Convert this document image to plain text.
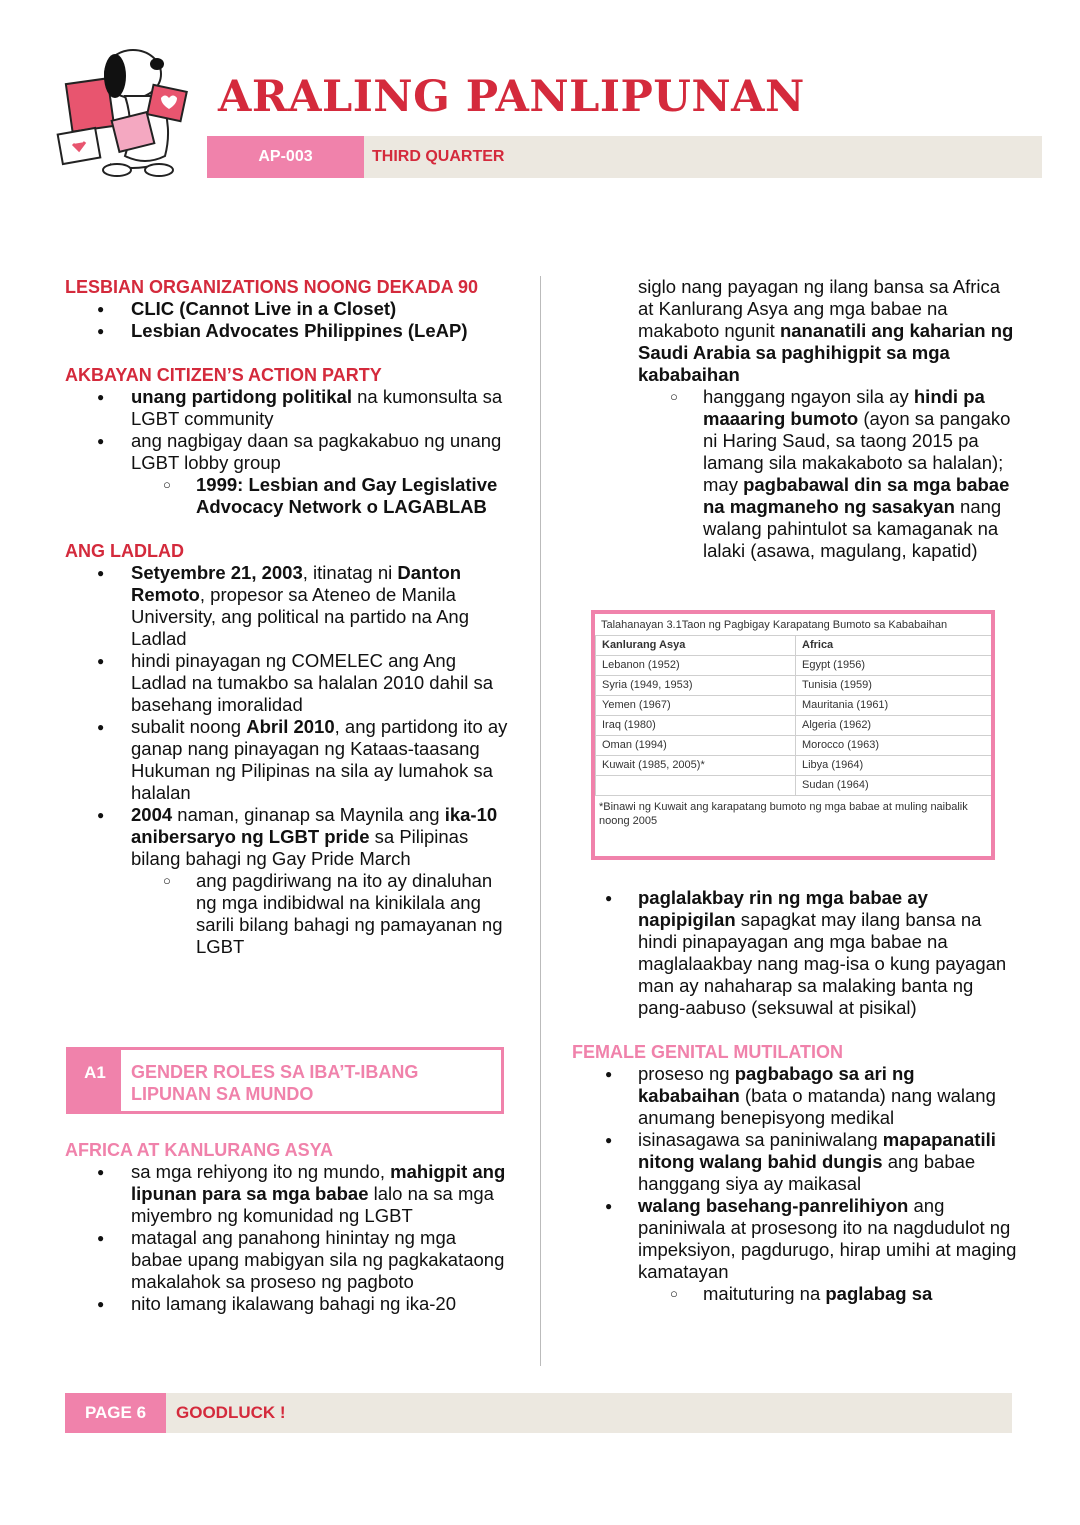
ARALING PANLIPUNAN
AP-003	THIRD QUARTER
LESBIAN ORGANIZATIONS NOONG DEKADA 90
● CLIC (Cannot Live in a Closet)
● Lesbian Advocates Philippines (LeAP)
AKBAYAN CITIZEN’S ACTION PARTY
● unang partidong politikal na kumonsulta sa LGBT community
● ang nagbigay daan sa pagkakabuo ng unang LGBT lobby group
○ 1999: Lesbian and Gay Legislative Advocacy Network o LAGABLAB
ANG LADLAD
● Setyembre 21, 2003, itinatag ni Danton Remoto, propesor sa Ateneo de Manila University, ang political na partido na Ang Ladlad
● hindi pinayagan ng COMELEC ang Ang Ladlad na tumakbo sa halalan 2010 dahil sa basehang imoralidad
● subalit noong Abril 2010, ang partidong ito ay ganap nang pinayagan ng Kataas-taasang Hukuman ng Pilipinas na sila ay lumahok sa halalan
● 2004 naman, ginanap sa Maynila ang ika-10 anibersaryo ng LGBT pride sa Pilipinas bilang bahagi ng Gay Pride March
○ ang pagdiriwang na ito ay dinaluhan ng mga indibidwal na kinikilala ang sarili bilang bahagi ng pamayanan ng LGBT
A1	GENDER ROLES SA IBA’T-IBANG LIPUNAN SA MUNDO
AFRICA AT KANLURANG ASYA
● sa mga rehiyong ito ng mundo, mahigpit ang lipunan para sa mga babae lalo na sa mga miyembro ng komunidad ng LGBT
● matagal ang panahong hinintay ng mga babae upang mabigyan sila ng pagkakataong makalahok sa proseso ng pagboto
● nito lamang ikalawang bahagi ng ika-20
siglo nang payagan ng ilang bansa sa Africa at Kanlurang Asya ang mga babae na makaboto ngunit nananatili ang kaharian ng Saudi Arabia sa paghihigpit sa mga kababaihan
○ hanggang ngayon sila ay hindi pa maaaring bumoto (ayon sa pangako ni Haring Saud, sa taong 2015 pa lamang sila makakaboto sa halalan); may pagbabawal din sa mga babae na magmaneho ng sasakyan nang walang pahintulot sa kamaganak na lalaki (asawa, magulang, kapatid)
Talahanayan 3.1Taon ng Pagbigay Karapatang Bumoto sa Kababaihan
Kanlurang Asya	Africa
Lebanon (1952)	Egypt (1956)
Syria (1949, 1953)	Tunisia (1959)
Yemen (1967)	Mauritania (1961)
Iraq (1980)	Algeria (1962)
Oman (1994)	Morocco (1963)
Kuwait (1985, 2005)*	Libya (1964)
	Sudan (1964)
*Binawi ng Kuwait ang karapatang bumoto ng mga babae at muling naibalik noong 2005
● paglalakbay rin ng mga babae ay napipigilan sapagkat may ilang bansa na hindi pinapayagan ang mga babae na maglalaakbay nang mag-isa o kung payagan man ay nahaharap sa malaking banta ng pang-aabuso (seksuwal at pisikal)
FEMALE GENITAL MUTILATION
● proseso ng pagbabago sa ari ng kababaihan (bata o matanda) nang walang anumang benepisyong medikal
● isinasagawa sa paniniwalang mapapanatili nitong walang bahid dungis ang babae hanggang siya ay maikasal
● walang basehang-panrelihiyon ang paniniwala at prosesong ito na nagdudulot ng impeksiyon, pagdurugo, hirap umihi at maging kamatayan
○ maituturing na paglabag sa
PAGE 6	GOODLUCK !
